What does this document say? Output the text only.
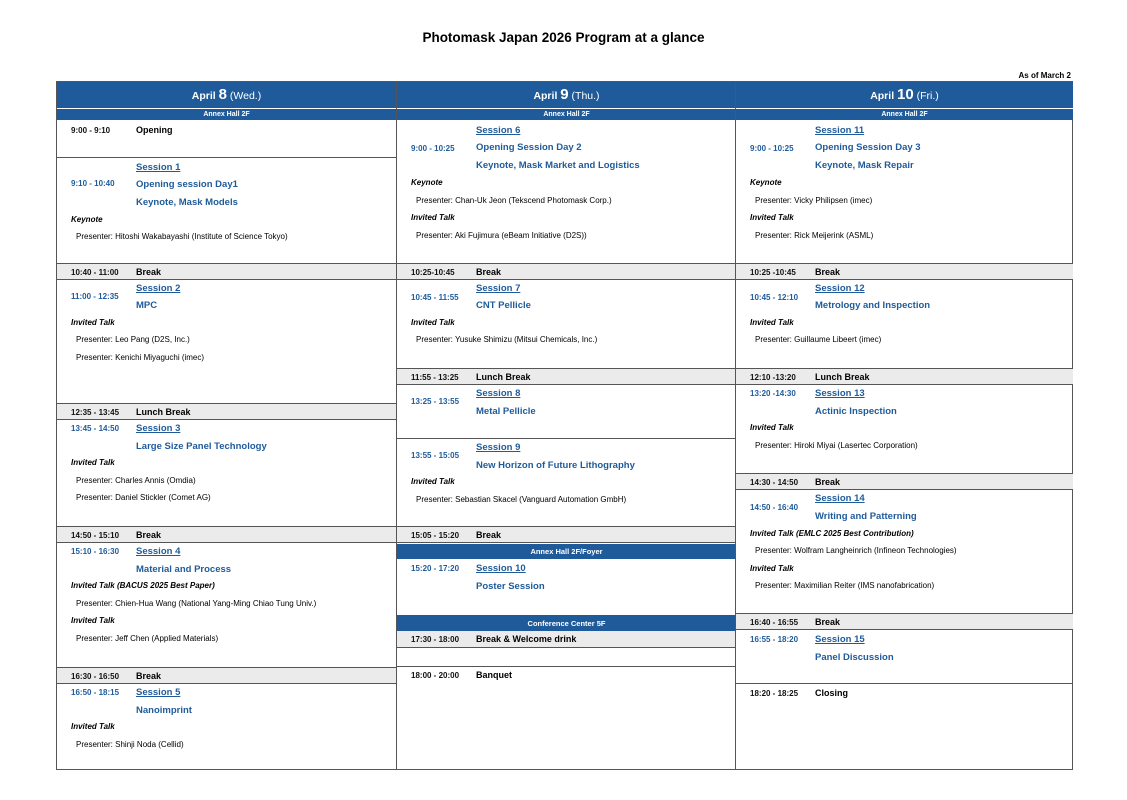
Photomask Japan 2026 Program at a glance
As of March 2
April 8 (Wed.)
Annex Hall 2F
9:00 - 9:10	Opening
Session 1
9:10 - 10:40 Opening session Day1
Keynote, Mask Models
Keynote
Presenter: Hitoshi Wakabayashi (Institute of Science Tokyo)
10:40 - 11:00 Break
Session 2
11:00 - 12:35
MPC
Invited Talk
Presenter: Leo Pang (D2S, Inc.)
Presenter: Kenichi Miyaguchi (imec)
12:35 - 13:45 Lunch Break
13:45 - 14:50 Session 3
Large Size Panel Technology
Invited Talk
Presenter: Charles Annis (Omdia)
Presenter: Daniel Stickler (Comet AG)
14:50 - 15:10 Break
15:10 - 16:30 Session 4
Material and Process
Invited Talk (BACUS 2025 Best Paper)
Presenter: Chien-Hua Wang (National Yang-Ming Chiao Tung Univ.)
Invited Talk
Presenter: Jeff Chen (Applied Materials)
16:30 - 16:50 Break
16:50 - 18:15 Session 5
Nanoimprint
Invited Talk
Presenter: Shinji Noda (Cellid)
April 9 (Thu.)
Annex Hall 2F
Session 6
9:00 - 10:25 Opening Session Day 2
Keynote, Mask Market and Logistics
Keynote
Presenter: Chan-Uk Jeon (Tekscend Photomask Corp.)
Invited Talk
Presenter: Aki Fujimura (eBeam Initiative (D2S))
10:25-10:45 Break
Session 7
10:45 - 11:55
CNT Pellicle
Invited Talk
Presenter: Yusuke Shimizu (Mitsui Chemicals, Inc.)
11:55 - 13:25 Lunch Break
Session 8
13:25 - 13:55
Metal Pellicle
Session 9
13:55 - 15:05
New Horizon of Future Lithography
Invited Talk
Presenter: Sebastian Skacel (Vanguard Automation GmbH)
15:05 - 15:20 Break
Annex Hall 2F/Foyer
15:20 - 17:20 Session 10
Poster Session
Conference Center 5F
17:30 - 18:00 Break & Welcome drink
18:00 - 20:00 Banquet
April 10 (Fri.)
Annex Hall 2F
Session 11
9:00 - 10:25 Opening Session Day 3
Keynote, Mask Repair
Keynote
Presenter: Vicky Philipsen (imec)
Invited Talk
Presenter: Rick Meijerink (ASML)
10:25 -10:45 Break
Session 12
10:45 - 12:10
Metrology and Inspection
Invited Talk
Presenter: Guillaume Libeert (imec)
12:10 -13:20 Lunch Break
13:20 -14:30 Session 13
Actinic Inspection
Invited Talk
Presenter: Hiroki Miyai (Lasertec Corporation)
14:30 - 14:50 Break
Session 14
14:50 - 16:40
Writing and Patterning
Invited Talk (EMLC 2025 Best Contribution)
Presenter: Wolfram Langheinrich (Infineon Technologies)
Invited Talk
Presenter: Maximilian Reiter (IMS nanofabrication)
16:40 - 16:55 Break
16:55 - 18:20 Session 15
Panel Discussion
18:20 - 18:25 Closing
